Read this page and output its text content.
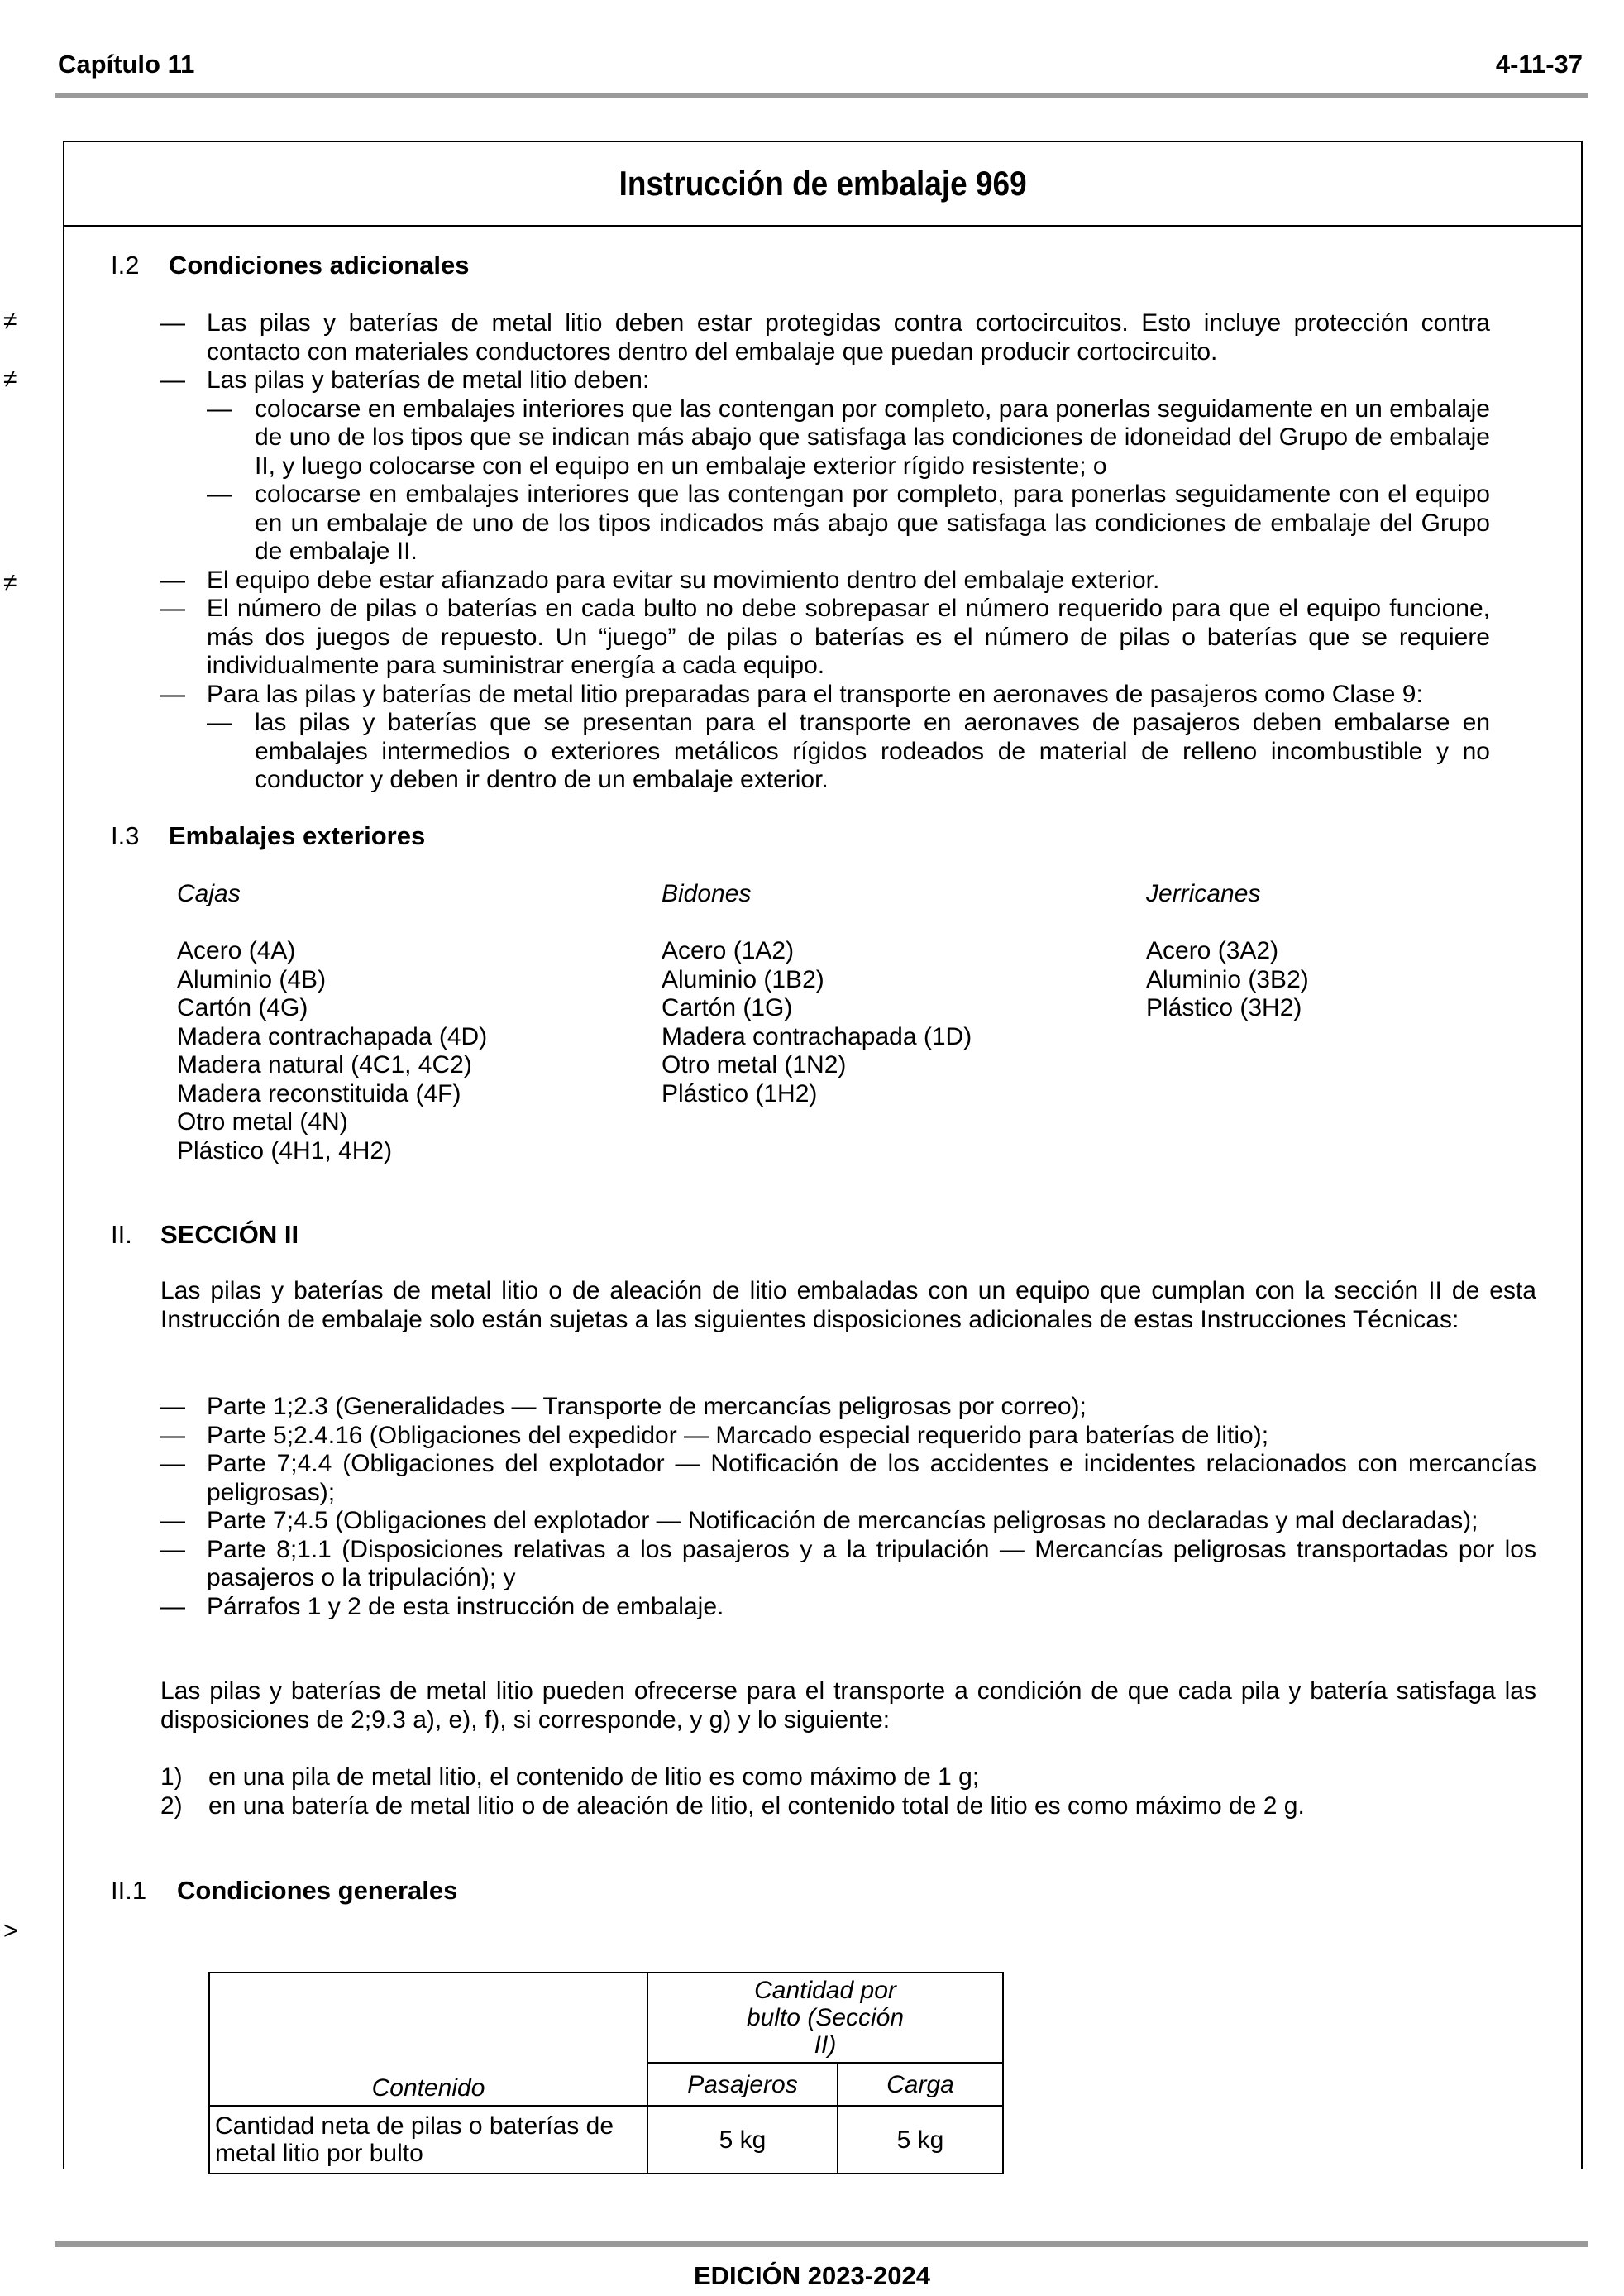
Capítulo 11	4-11-37
≠
≠
≠
>
Instrucción de embalaje 969
I.2 Condiciones adicionales
— Las pilas y baterías de metal litio deben estar protegidas contra cortocircuitos. Esto incluye protección contra contacto con materiales conductores dentro del embalaje que puedan producir cortocircuito.
— Las pilas y baterías de metal litio deben:
— colocarse en embalajes interiores que las contengan por completo, para ponerlas seguidamente en un embalaje de uno de los tipos que se indican más abajo que satisfaga las condiciones de idoneidad del Grupo de embalaje II, y luego colocarse con el equipo en un embalaje exterior rígido resistente; o
— colocarse en embalajes interiores que las contengan por completo, para ponerlas seguidamente con el equipo en un embalaje de uno de los tipos indicados más abajo que satisfaga las condiciones de embalaje del Grupo de embalaje II.
— El equipo debe estar afianzado para evitar su movimiento dentro del embalaje exterior.
— El número de pilas o baterías en cada bulto no debe sobrepasar el número requerido para que el equipo funcione, más dos juegos de repuesto. Un “juego” de pilas o baterías es el número de pilas o baterías que se requiere individualmente para suministrar energía a cada equipo.
— Para las pilas y baterías de metal litio preparadas para el transporte en aeronaves de pasajeros como Clase 9:
— las pilas y baterías que se presentan para el transporte en aeronaves de pasajeros deben embalarse en embalajes intermedios o exteriores metálicos rígidos rodeados de material de relleno incombustible y no conductor y deben ir dentro de un embalaje exterior.
I.3 Embalajes exteriores
Cajas
Acero (4A)
Aluminio (4B)
Cartón (4G)
Madera contrachapada (4D)
Madera natural (4C1, 4C2)
Madera reconstituida (4F)
Otro metal (4N)
Plástico (4H1, 4H2)
Bidones
Acero (1A2)
Aluminio (1B2)
Cartón (1G)
Madera contrachapada (1D)
Otro metal (1N2)
Plástico (1H2)
Jerricanes
Acero (3A2)
Aluminio (3B2)
Plástico (3H2)
II. SECCIÓN II
Las pilas y baterías de metal litio o de aleación de litio embaladas con un equipo que cumplan con la sección II de esta Instrucción de embalaje solo están sujetas a las siguientes disposiciones adicionales de estas Instrucciones Técnicas:
— Parte 1;2.3 (Generalidades — Transporte de mercancías peligrosas por correo);
— Parte 5;2.4.16 (Obligaciones del expedidor — Marcado especial requerido para baterías de litio);
— Parte 7;4.4 (Obligaciones del explotador — Notificación de los accidentes e incidentes relacionados con mercancías peligrosas);
— Parte 7;4.5 (Obligaciones del explotador — Notificación de mercancías peligrosas no declaradas y mal declaradas);
— Parte 8;1.1 (Disposiciones relativas a los pasajeros y a la tripulación — Mercancías peligrosas transportadas por los pasajeros o la tripulación); y
— Párrafos 1 y 2 de esta instrucción de embalaje.
Las pilas y baterías de metal litio pueden ofrecerse para el transporte a condición de que cada pila y batería satisfaga las disposiciones de 2;9.3 a), e), f), si corresponde, y g) y lo siguiente:
1) en una pila de metal litio, el contenido de litio es como máximo de 1 g;
2) en una batería de metal litio o de aleación de litio, el contenido total de litio es como máximo de 2 g.
II.1 Condiciones generales
Contenido	Cantidad por bulto (Sección II)	
	Pasajeros	Carga
Cantidad neta de pilas o baterías de metal litio por bulto	5 kg	5 kg
EDICIÓN 2023-2024
